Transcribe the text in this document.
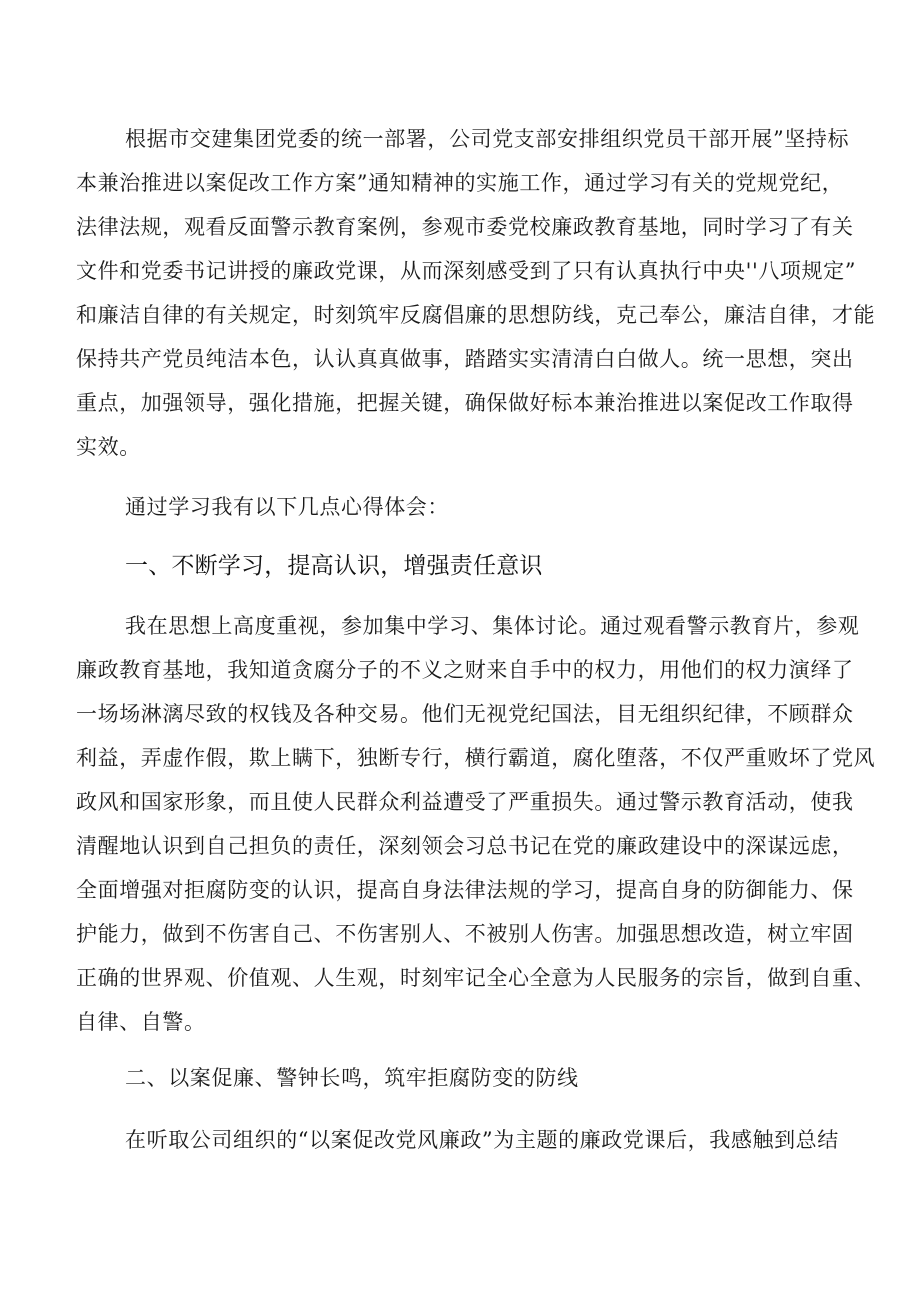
根据市交建集团党委的统一部署，公司党支部安排组织党员干部开展”坚持标
本兼治推进以案促改工作方案”通知精神的实施工作，通过学习有关的党规党纪，
法律法规，观看反面警示教育案例，参观市委党校廉政教育基地，同时学习了有关
文件和党委书记讲授的廉政党课，从而深刻感受到了只有认真执行中央''八项规定”
和廉洁自律的有关规定，时刻筑牢反腐倡廉的思想防线，克己奉公，廉洁自律，才能
保持共产党员纯洁本色，认认真真做事，踏踏实实清清白白做人。统一思想，突出
重点，加强领导，强化措施，把握关键，确保做好标本兼治推进以案促改工作取得
实效。

通过学习我有以下几点心得体会：

一、不断学习，提高认识，增强责任意识
我在思想上高度重视，参加集中学习、集体讨论。通过观看警示教育片，参观
廉政教育基地，我知道贪腐分子的不义之财来自手中的权力，用他们的权力演绎了
一场场淋漓尽致的权钱及各种交易。他们无视党纪国法，目无组织纪律，不顾群众
利益，弄虚作假，欺上瞒下，独断专行，横行霸道，腐化堕落，不仅严重败坏了党风
政风和国家形象，而且使人民群众利益遭受了严重损失。通过警示教育活动，使我
清醒地认识到自己担负的责任，深刻领会习总书记在党的廉政建设中的深谋远虑，
全面增强对拒腐防变的认识，提高自身法律法规的学习，提高自身的防御能力、保
护能力，做到不伤害自己、不伤害别人、不被别人伤害。加强思想改造，树立牢固
正确的世界观、价值观、人生观，时刻牢记全心全意为人民服务的宗旨，做到自重、
自律、自警。
二、以案促廉、警钟长鸣，筑牢拒腐防变的防线
在听取公司组织的“以案促改党风廉政”为主题的廉政党课后，我感触到总结
